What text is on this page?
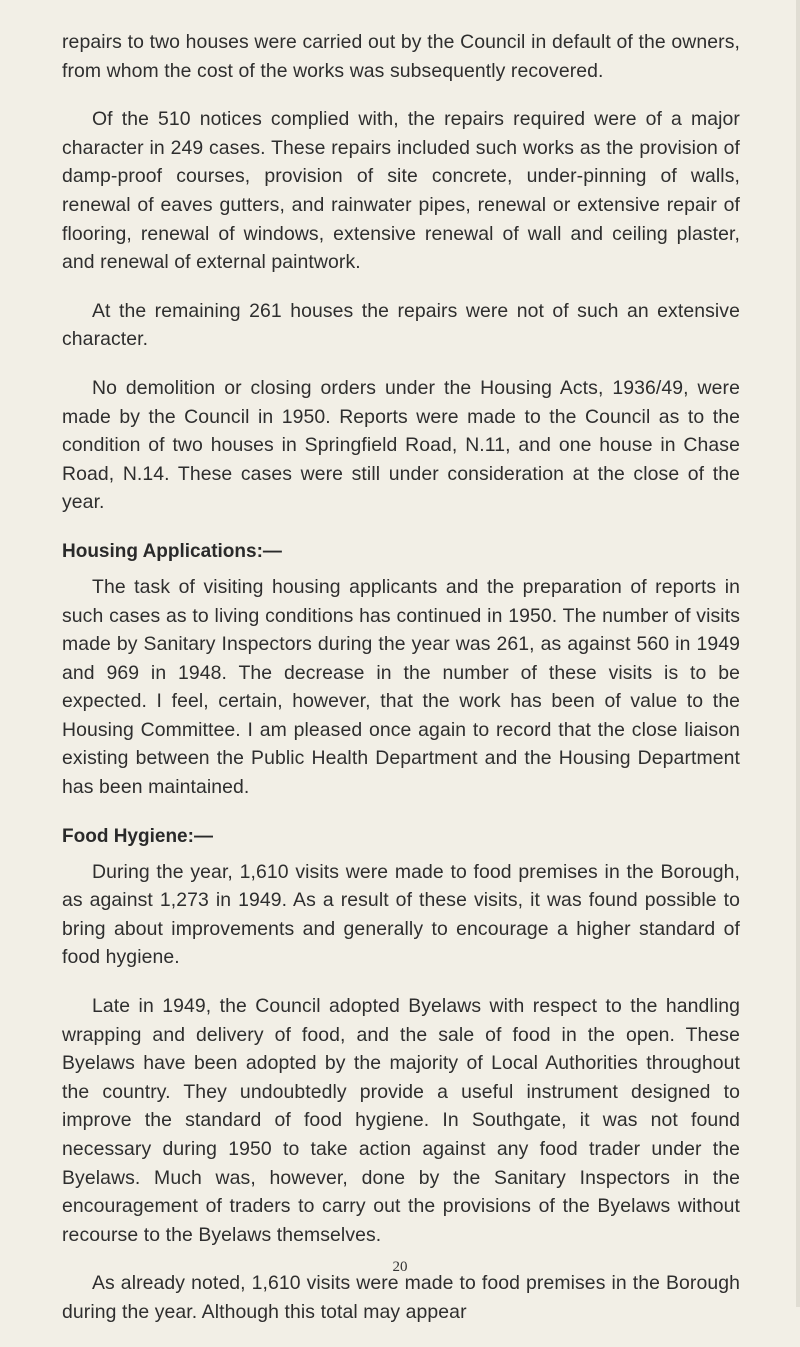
repairs to two houses were carried out by the Council in default of the owners, from whom the cost of the works was subsequently recovered.

Of the 510 notices complied with, the repairs required were of a major character in 249 cases. These repairs included such works as the provision of damp-proof courses, provision of site concrete, under-pinning of walls, renewal of eaves gutters, and rainwater pipes, renewal or extensive repair of flooring, renewal of windows, extensive renewal of wall and ceiling plaster, and renewal of external paintwork.

At the remaining 261 houses the repairs were not of such an extensive character.

No demolition or closing orders under the Housing Acts, 1936/49, were made by the Council in 1950. Reports were made to the Council as to the condition of two houses in Springfield Road, N.11, and one house in Chase Road, N.14. These cases were still under consideration at the close of the year.

Housing Applications:—

The task of visiting housing applicants and the preparation of reports in such cases as to living conditions has continued in 1950. The number of visits made by Sanitary Inspectors during the year was 261, as against 560 in 1949 and 969 in 1948. The decrease in the number of these visits is to be expected. I feel, certain, however, that the work has been of value to the Housing Committee. I am pleased once again to record that the close liaison existing between the Public Health Department and the Housing Department has been maintained.

Food Hygiene:—

During the year, 1,610 visits were made to food premises in the Borough, as against 1,273 in 1949. As a result of these visits, it was found possible to bring about improvements and generally to encourage a higher standard of food hygiene.

Late in 1949, the Council adopted Byelaws with respect to the handling wrapping and delivery of food, and the sale of food in the open. These Byelaws have been adopted by the majority of Local Authorities throughout the country. They undoubtedly provide a useful instrument designed to improve the standard of food hygiene. In Southgate, it was not found necessary during 1950 to take action against any food trader under the Byelaws. Much was, however, done by the Sanitary Inspectors in the encouragement of traders to carry out the provisions of the Byelaws without recourse to the Byelaws themselves.

As already noted, 1,610 visits were made to food premises in the Borough during the year. Although this total may appear

20
